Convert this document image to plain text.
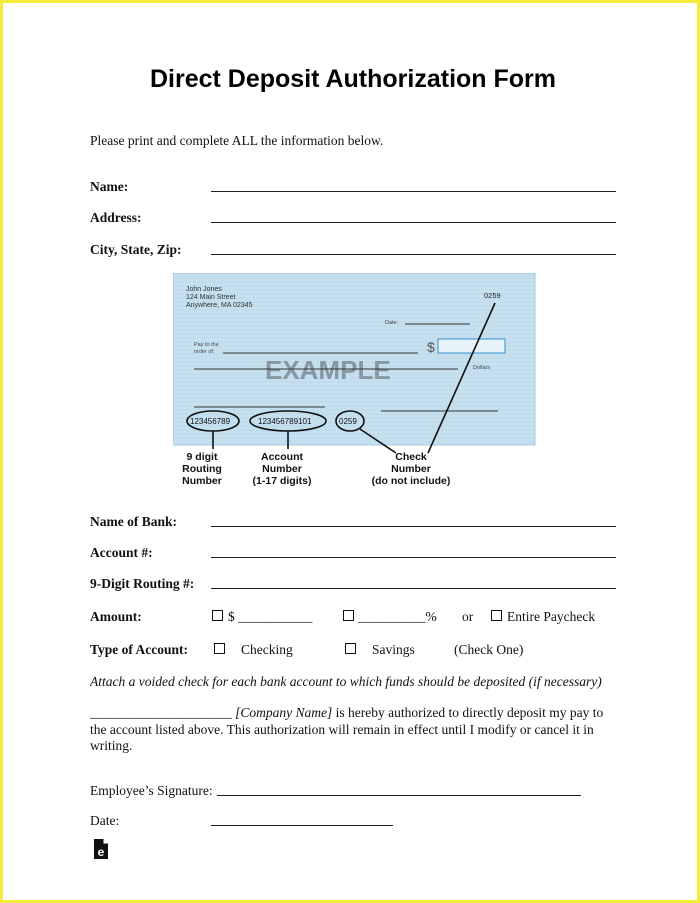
Direct Deposit Authorization Form
Please print and complete ALL the information below.
Name:
Address:
City, State, Zip:
John Jones
124 Main Street
Anywhere, MA 02345
0259
Date:
Pay to the
order of:	$
EXAMPLE	Dollars
123456789	123456789101	0259
9 digit
Routing
Number
Account
Number
(1-17 digits)
Check
Number
(do not include)
Name of Bank:
Account #:
9-Digit Routing #:
Amount:	$ ___________	__________% or	Entire Paycheck
Type of Account:	Checking	Savings	(Check One)
Attach a voided check for each bank account to which funds should be deposited (if necessary)
_____________________ [Company Name] is hereby authorized to directly deposit my pay to the account listed above. This authorization will remain in effect until I modify or cancel it in writing.
Employee’s Signature:
Date:
e
